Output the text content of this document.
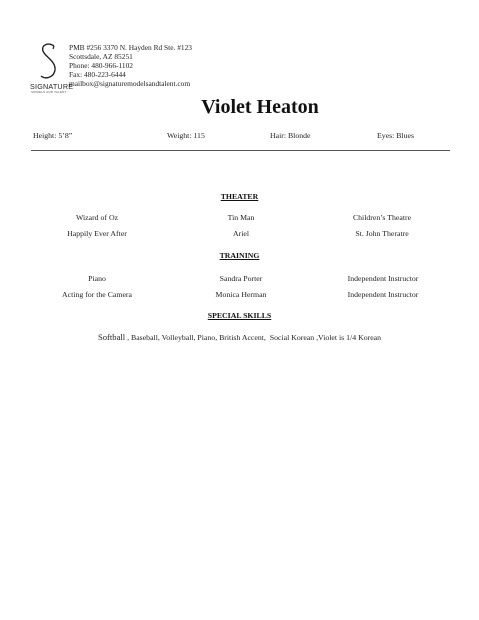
SIGNATURE
MODELS AND TALENT
PMB #256 3370 N. Hayden Rd Ste. #123
Scottsdale, AZ 85251
Phone: 480-966-1102
Fax: 480-223-6444
mailbox@signaturemodelsandtalent.com
Violet Heaton
Height: 5’8”	Weight: 115	Hair: Blonde	Eyes: Blues
THEATER
Wizard of Oz	Tin Man	Children’s Theatre
Happily Ever After	Ariel	St. John Theratre
TRAINING
Piano	Sandra Porter	Independent Instructor
Acting for the Camera	Monica Herman	Independent Instructor
SPECIAL SKILLS
Softball , Baseball, Volleyball, Piano, British Accent,  Social Korean ,Violet is 1/4 Korean
